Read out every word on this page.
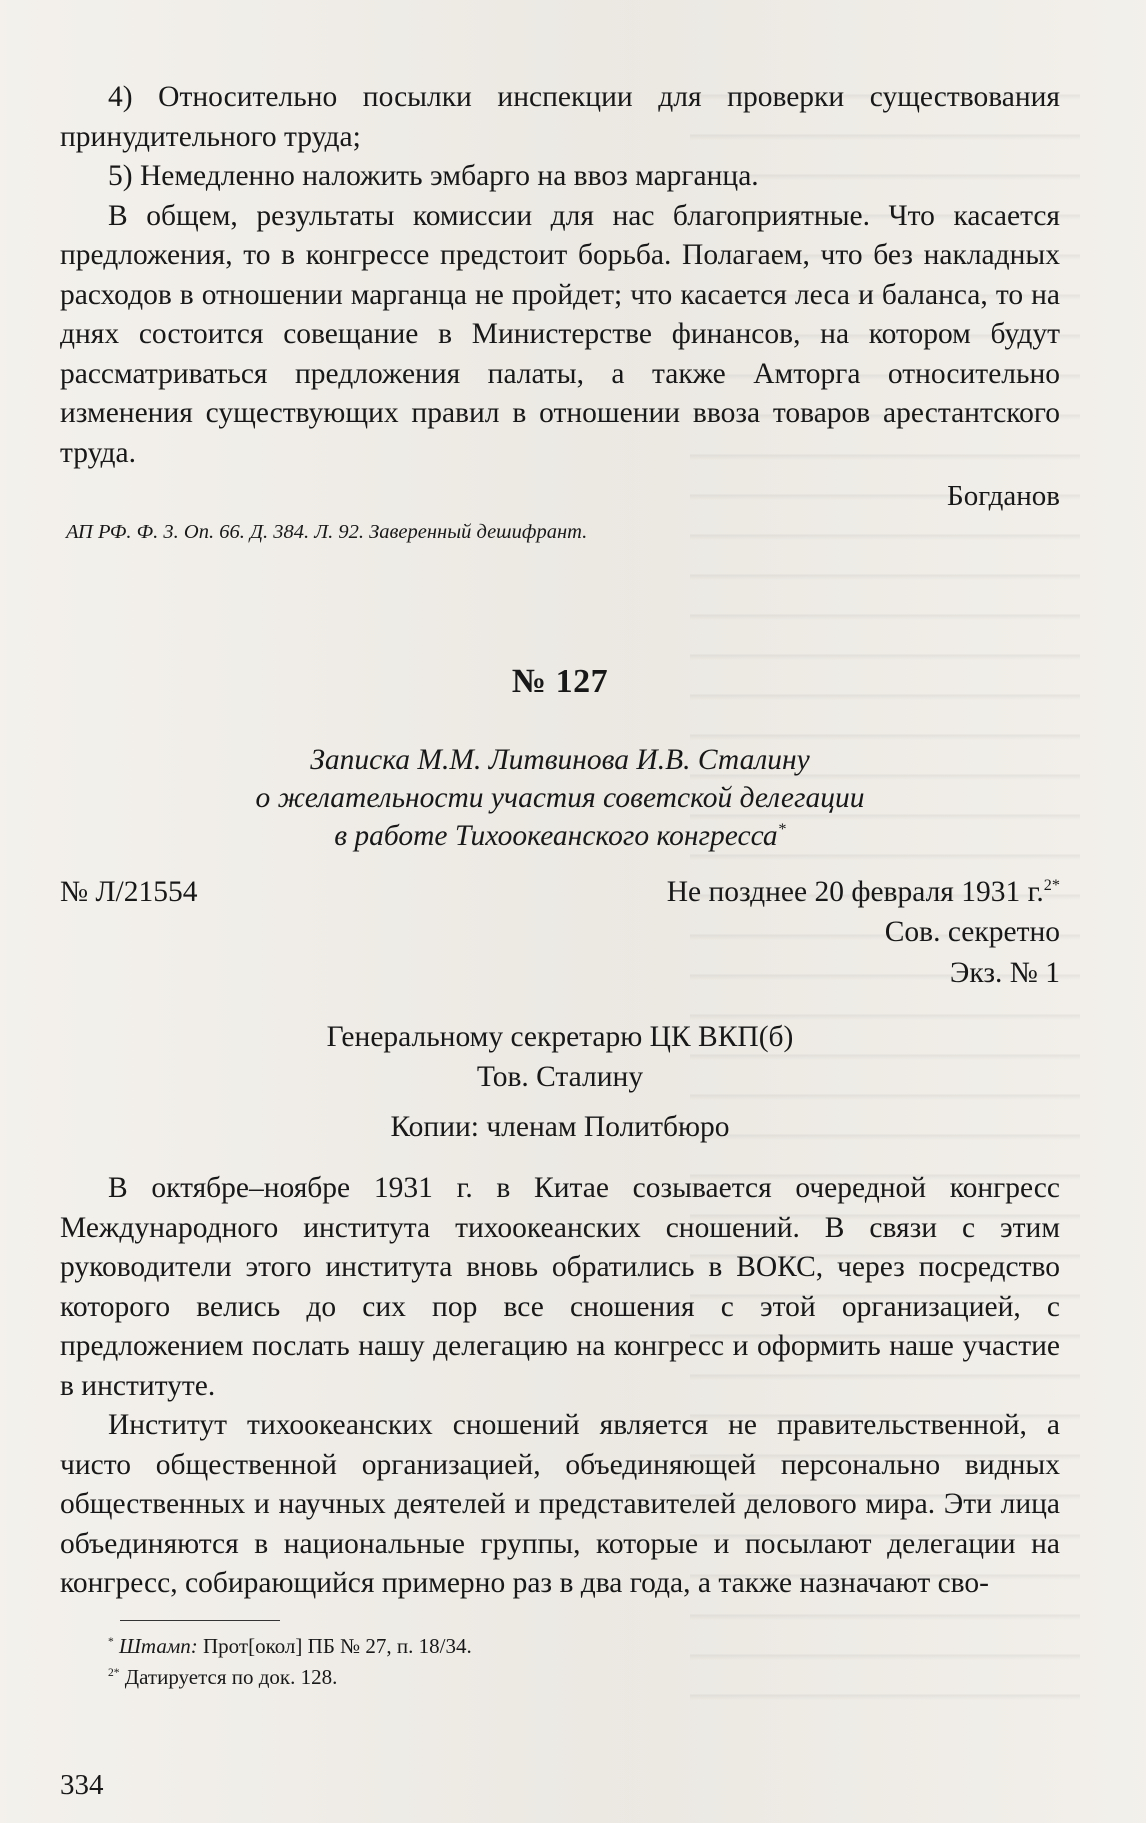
4) Относительно посылки инспекции для проверки существования принудительного труда;

5) Немедленно наложить эмбарго на ввоз марганца.

В общем, результаты комиссии для нас благоприятные. Что касается предложения, то в конгрессе предстоит борьба. Полагаем, что без накладных расходов в отношении марганца не пройдет; что касается леса и баланса, то на днях состоится совещание в Министерстве финансов, на котором будут рассматриваться предложения палаты, а также Амторга относительно изменения существующих правил в отношении ввоза товаров арестантского труда.

Богданов

АП РФ. Ф. 3. Оп. 66. Д. 384. Л. 92. Заверенный дешифрант.

№ 127
Записка М.М. Литвинова И.В. Сталину
о желательности участия советской делегации
в работе Тихоокеанского конгресса*
№ Л/21554	Не позднее 20 февраля 1931 г.$^{2*}$
Сов. секретно
Экз. № 1
Генеральному секретарю ЦК ВКП(б)
Тов. Сталину
Копии: членам Политбюро

В октябре–ноябре 1931 г. в Китае созывается очередной конгресс Международного института тихоокеанских сношений. В связи с этим руководители этого института вновь обратились в ВОКС, через посредство которого велись до сих пор все сношения с этой организацией, с предложением послать нашу делегацию на конгресс и оформить наше участие в институте.

Институт тихоокеанских сношений является не правительственной, а чисто общественной организацией, объединяющей персонально видных общественных и научных деятелей и представителей делового мира. Эти лица объединяются в национальные группы, которые и посылают делегации на конгресс, собирающийся примерно раз в два года, а также назначают сво-

* Штамп: Прот[окол] ПБ № 27, п. 18/34.

$^{2*}$ Датируется по док. 128.

334
